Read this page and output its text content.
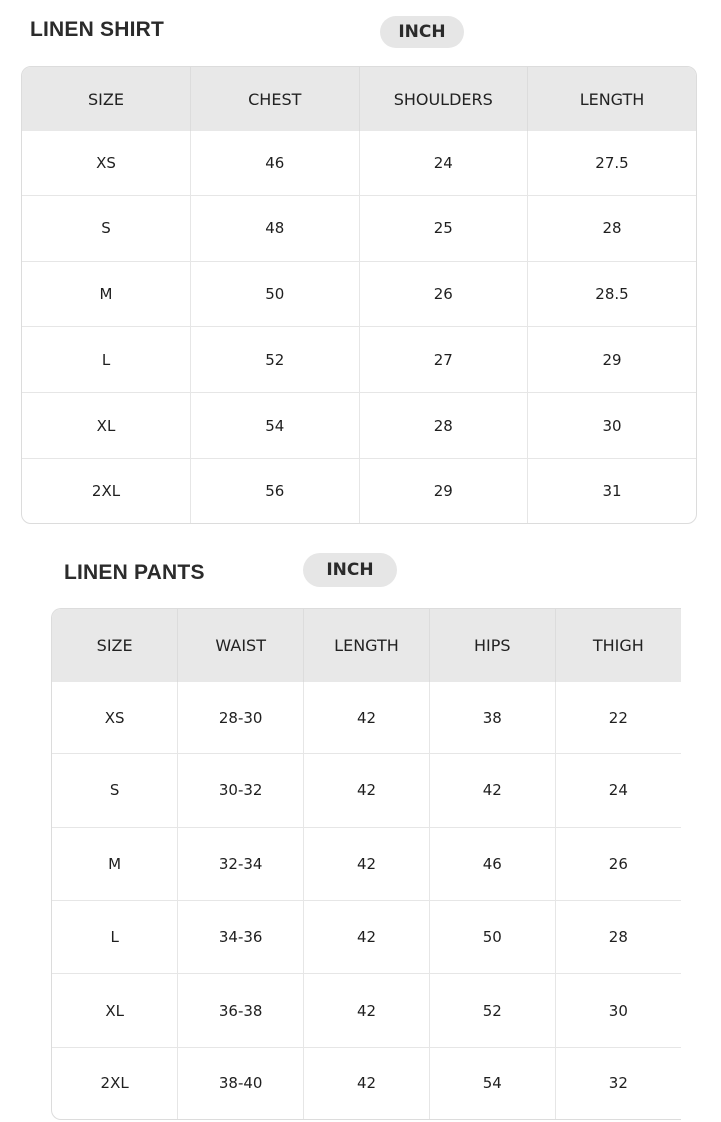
LINEN SHIRT	INCH
SIZE	CHEST	SHOULDERS	LENGTH
XS	46	24	27.5
S	48	25	28
M	50	26	28.5
L	52	27	29
XL	54	28	30
2XL	56	29	31
LINEN PANTS	INCH
SIZE	WAIST	LENGTH	HIPS	THIGH
XS	28-30	42	38	22
S	30-32	42	42	24
M	32-34	42	46	26
L	34-36	42	50	28
XL	36-38	42	52	30
2XL	38-40	42	54	32
